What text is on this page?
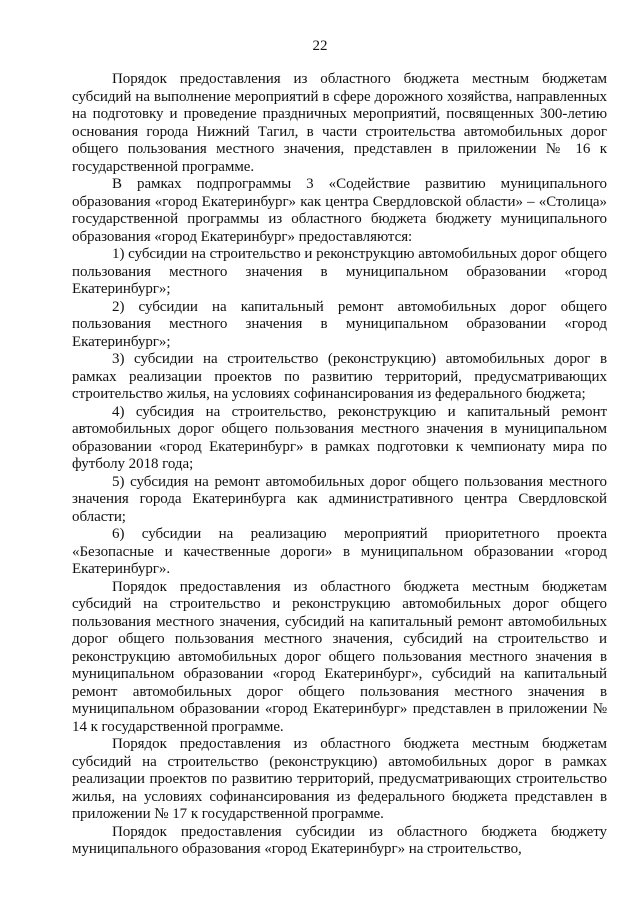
22

Порядок предоставления из областного бюджета местным бюджетам субсидий на выполнение мероприятий в сфере дорожного хозяйства, направленных на подготовку и проведение праздничных мероприятий, посвященных 300-летию основания города Нижний Тагил, в части строительства автомобильных дорог общего пользования местного значения, представлен в приложении № 16 к государственной программе.

В рамках подпрограммы 3 «Содействие развитию муниципального образования «город Екатеринбург» как центра Свердловской области» – «Столица» государственной программы из областного бюджета бюджету муниципального образования «город Екатеринбург» предоставляются:

1) субсидии на строительство и реконструкцию автомобильных дорог общего пользования местного значения в муниципальном образовании «город Екатеринбург»;

2) субсидии на капитальный ремонт автомобильных дорог общего пользования местного значения в муниципальном образовании «город Екатеринбург»;

3) субсидии на строительство (реконструкцию) автомобильных дорог в рамках реализации проектов по развитию территорий, предусматривающих строительство жилья, на условиях софинансирования из федерального бюджета;

4) субсидия на строительство, реконструкцию и капитальный ремонт автомобильных дорог общего пользования местного значения в муниципальном образовании «город Екатеринбург» в рамках подготовки к чемпионату мира по футболу 2018 года;

5) субсидия на ремонт автомобильных дорог общего пользования местного значения города Екатеринбурга как административного центра Свердловской области;

6) субсидии на реализацию мероприятий приоритетного проекта «Безопасные и качественные дороги» в муниципальном образовании «город Екатеринбург».

Порядок предоставления из областного бюджета местным бюджетам субсидий на строительство и реконструкцию автомобильных дорог общего пользования местного значения, субсидий на капитальный ремонт автомобильных дорог общего пользования местного значения, субсидий на строительство и реконструкцию автомобильных дорог общего пользования местного значения в муниципальном образовании «город Екатеринбург», субсидий на капитальный ремонт автомобильных дорог общего пользования местного значения в муниципальном образовании «город Екатеринбург» представлен в приложении № 14 к государственной программе.

Порядок предоставления из областного бюджета местным бюджетам субсидий на строительство (реконструкцию) автомобильных дорог в рамках реализации проектов по развитию территорий, предусматривающих строительство жилья, на условиях софинансирования из федерального бюджета представлен в приложении № 17 к государственной программе.

Порядок предоставления субсидии из областного бюджета бюджету муниципального образования «город Екатеринбург» на строительство,
